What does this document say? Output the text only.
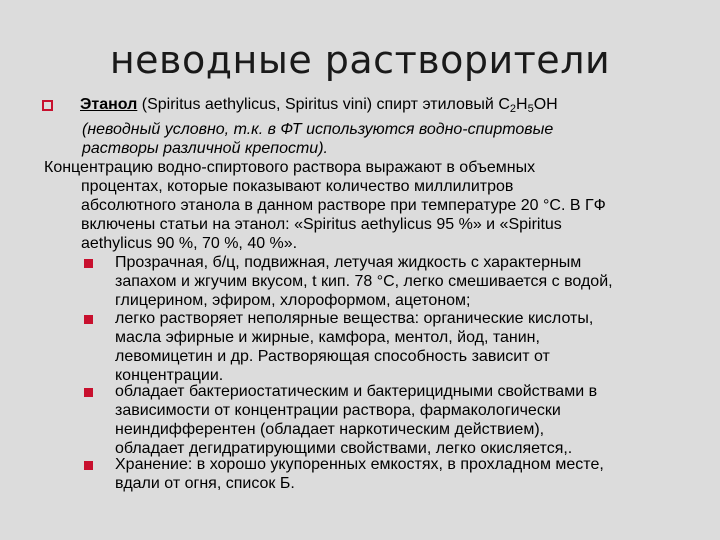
неводные растворители
Этанол (Spiritus aethylicus, Spiritus vini) спирт этиловый $C_2H_5OH$
(неводный условно, т.к. в ФТ используются водно-спиртовые
растворы различной крепости).
Концентрацию водно-спиртового раствора выражают в объемных
процентах, которые показывают количество миллилитров
абсолютного этанола в данном растворе при температуре 20 °С. В ГФ
включены статьи на этанол: «Spiritus aethylicus 95 %» и «Spiritus
aethylicus 90 %, 70 %, 40 %».
Прозрачная, б/ц, подвижная, летучая жидкость с характерным
запахом и жгучим вкусом, t кип. 78 °С, легко смешивается с водой,
глицерином, эфиром, хлороформом, ацетоном;
легко растворяет неполярные вещества: органические кислоты,
масла эфирные и жирные, камфора, ментол, йод, танин,
левомицетин и др. Растворяющая способность зависит от
концентрации.
обладает бактериостатическим и бактерицидными свойствами в
зависимости от концентрации раствора, фармакологически
неиндифферентен (обладает наркотическим действием),
обладает дегидратирующими свойствами, легко окисляется,.
Хранение: в хорошо укупоренных емкостях, в прохладном месте,
вдали от огня, список Б.
